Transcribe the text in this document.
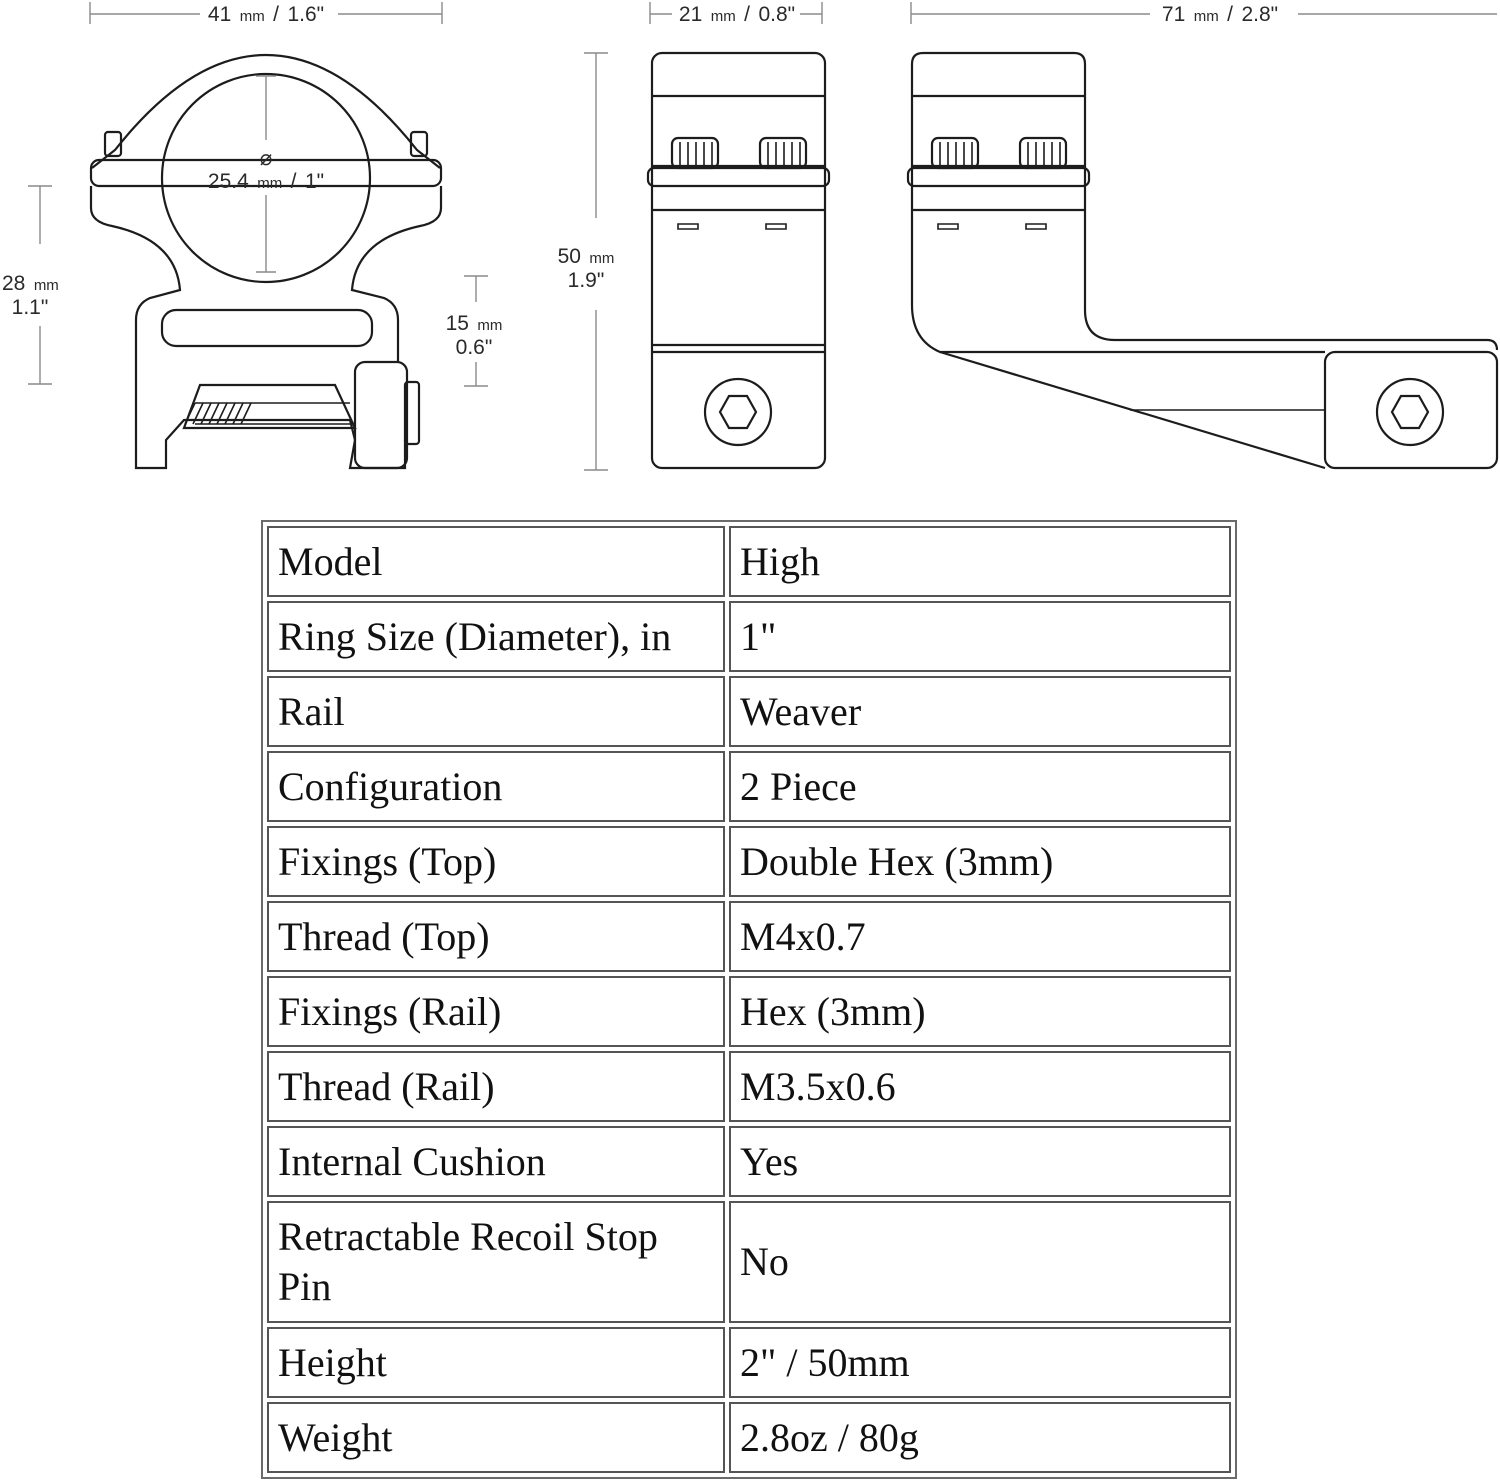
41 mm / 1.6"
⌀
25.4 mm / 1"
28 mm
1.1"
15 mm
0.6"
21 mm / 0.8"
50 mm
1.9"
71 mm / 2.8"
Model	High
Ring Size (Diameter), in	1"
Rail	Weaver
Configuration	2 Piece
Fixings (Top)	Double Hex (3mm)
Thread (Top)	M4x0.7
Fixings (Rail)	Hex (3mm)
Thread (Rail)	M3.5x0.6
Internal Cushion	Yes
Retractable Recoil Stop Pin	No
Height	2" / 50mm
Weight	2.8oz / 80g
